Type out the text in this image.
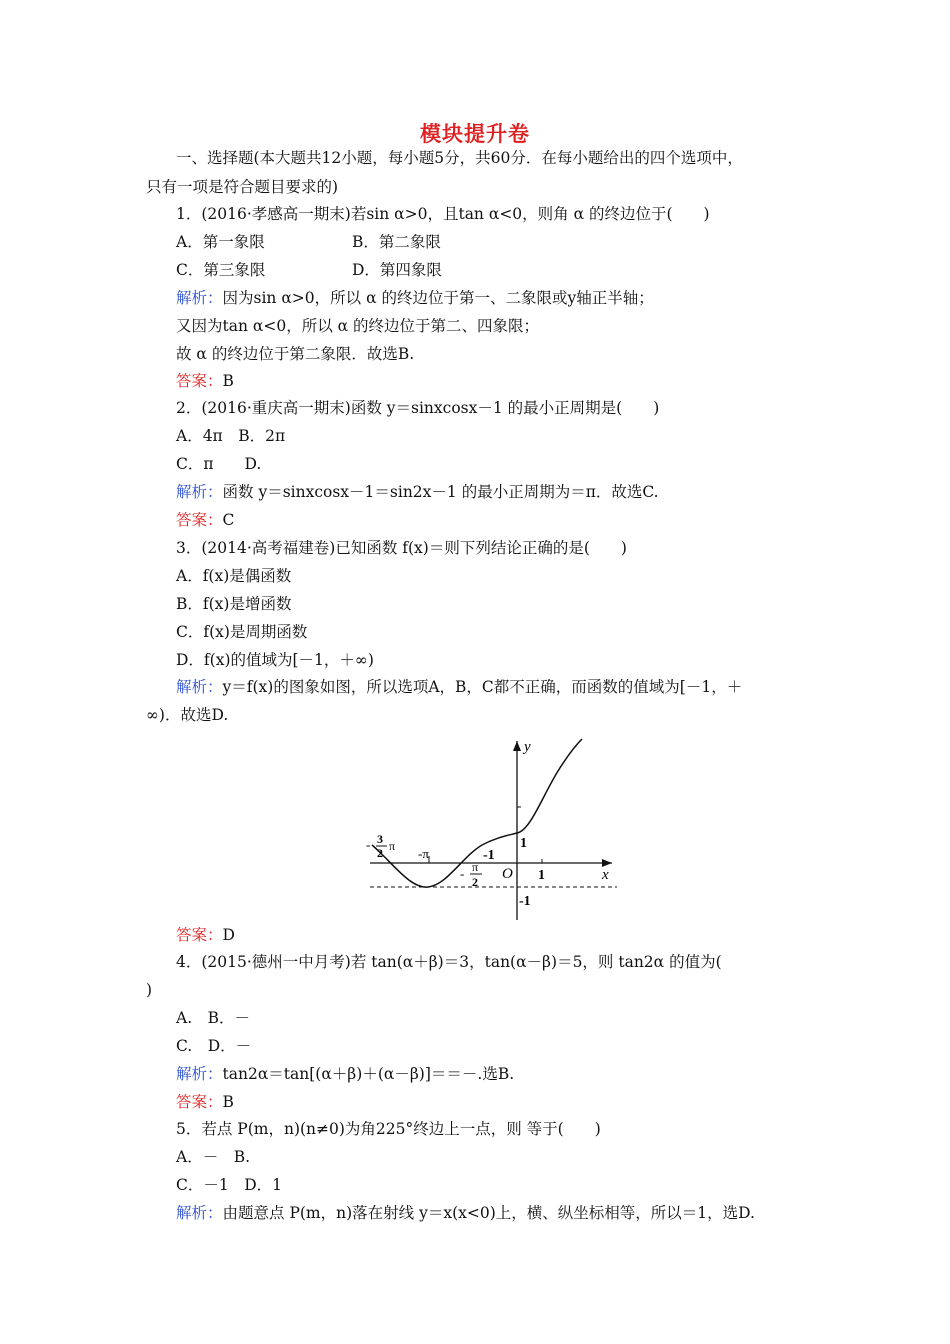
模块提升卷
一、选择题(本大题共12小题，每小题5分，共60分．在每小题给出的四个选项中，
只有一项是符合题目要求的)
1．(2016·孝感高一期末)若sin α>0，且tan α<0，则角 α 的终边位于(　　)
A．第一象限	B．第二象限
C．第三象限	D．第四象限
解析：因为sin α>0，所以 α 的终边位于第一、二象限或y轴正半轴；
又因为tan α<0，所以 α 的终边位于第二、四象限；
故 α 的终边位于第二象限．故选B.
答案：B
2．(2016·重庆高一期末)函数 y＝sinxcosx－1 的最小正周期是(　　)
A．4π　B．2π
C．π　　D.
解析：函数 y＝sinxcosx－1＝sin2x－1 的最小正周期为＝π．故选C.
答案：C
3．(2014·高考福建卷)已知函数 f(x)＝则下列结论正确的是(　　)
A．f(x)是偶函数
B．f(x)是增函数
C．f(x)是周期函数
D．f(x)的值域为[－1，＋∞)
解析：y＝f(x)的图象如图，所以选项A，B，C都不正确，而函数的值域为[－1，＋
∞)．故选D.
y
x
O 1
1
-1
-1
-π
- 3
2 π
- π
2
答案：D
4．(2015·德州一中月考)若 tan(α＋β)＝3，tan(α－β)＝5，则 tan2α 的值为(
)
A.　B．－
C.　D．－
解析：tan2α＝tan[(α＋β)＋(α－β)]＝＝－.选B.
答案：B
5．若点 P(m，n)(n≠0)为角225°终边上一点，则 等于(　　)
A．－　B.
C．－1　D．1
解析：由题意点 P(m，n)落在射线 y＝x(x<0)上，横、纵坐标相等，所以＝1，选D.
